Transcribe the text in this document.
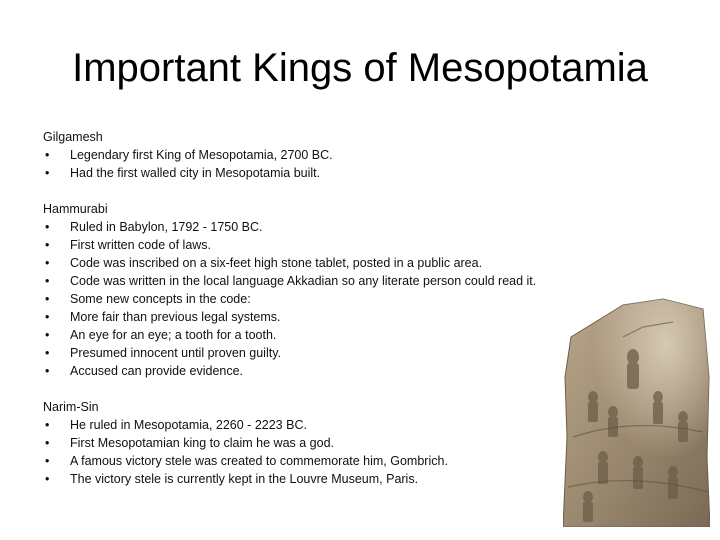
Important Kings of Mesopotamia
Gilgamesh
• Legendary first King of Mesopotamia, 2700 BC.
• Had the first walled city in Mesopotamia built.
Hammurabi
• Ruled in Babylon, 1792 - 1750 BC.
• First written code of laws.
• Code was inscribed on a six-feet high stone tablet, posted in a public area.
• Code was written in the local language Akkadian so any literate person could read it.
• Some new concepts in the code:
• More fair than previous legal systems.
• An eye for an eye; a tooth for a tooth.
• Presumed innocent until proven guilty.
• Accused can provide evidence.
Narim-Sin
• He ruled in Mesopotamia, 2260 - 2223 BC.
• First Mesopotamian king to claim he was a god.
• A famous victory stele was created to commemorate him, Gombrich.
• The victory stele is currently kept in the Louvre Museum, Paris.
